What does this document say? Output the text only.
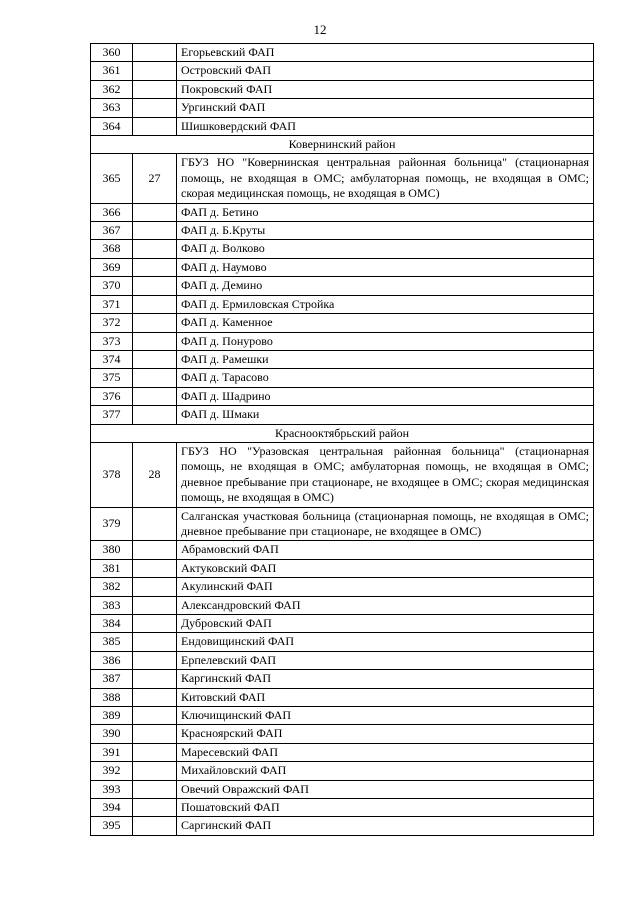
12
360		Егорьевский ФАП
361		Островский ФАП
362		Покровский ФАП
363		Ургинский ФАП
364		Шишковердский ФАП
Ковернинский район		
365	27	ГБУЗ НО "Ковернинская центральная районная больница" (стационарная помощь, не входящая в ОМС; амбулаторная помощь, не входящая в ОМС; скорая медицинская помощь, не входящая в ОМС)
366		ФАП д. Бетино
367		ФАП д. Б.Круты
368		ФАП д. Волково
369		ФАП д. Наумово
370		ФАП д. Демино
371		ФАП д. Ермиловская Стройка
372		ФАП д. Каменное
373		ФАП д. Понурово
374		ФАП д. Рамешки
375		ФАП д. Тарасово
376		ФАП д. Шадрино
377		ФАП д. Шмаки
Краснооктябрьский район		
378	28	ГБУЗ НО "Уразовская центральная районная больница" (стационарная помощь, не входящая в ОМС; амбулаторная помощь, не входящая в ОМС; дневное пребывание при стационаре, не входящее в ОМС; скорая медицинская помощь, не входящая в ОМС)
379		Салганская участковая больница (стационарная помощь, не входящая в ОМС; дневное пребывание при стационаре, не входящее в ОМС)
380		Абрамовский ФАП
381		Актуковский ФАП
382		Акулинский ФАП
383		Александровский ФАП
384		Дубровский ФАП
385		Ендовищинский ФАП
386		Ерпелевский ФАП
387		Каргинский ФАП
388		Китовский ФАП
389		Ключищинский ФАП
390		Красноярский ФАП
391		Маресевский ФАП
392		Михайловский ФАП
393		Овечий Овражский ФАП
394		Пошатовский ФАП
395		Саргинский ФАП
